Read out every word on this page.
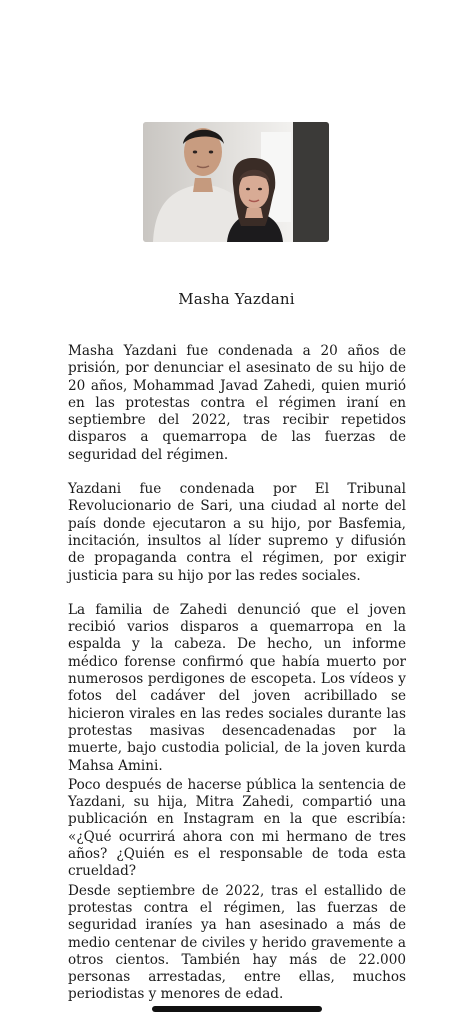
Masha Yazdani

Masha Yazdani fue condenada a 20 años de prisión, por denunciar el asesinato de su hijo de 20 años, Mohammad Javad Zahedi, quien murió en las protestas contra el régimen iraní en septiembre del 2022, tras recibir repetidos disparos a quemarropa de las fuerzas de seguridad del régimen.

Yazdani fue condenada por El Tribunal Revolucionario de Sari, una ciudad al norte del país donde ejecutaron a su hijo, por Basfemia, incitación, insultos al líder supremo y difusión de propaganda contra el régimen, por exigir justicia para su hijo por las redes sociales.

La familia de Zahedi denunció que el joven recibió varios disparos a quemarropa en la espalda y la cabeza. De hecho, un informe médico forense confirmó que había muerto por numerosos perdigones de escopeta. Los vídeos y fotos del cadáver del joven acribillado se hicieron virales en las redes sociales durante las protestas masivas desencadenadas por la muerte, bajo custodia policial, de la joven kurda Mahsa Amini.

Poco después de hacerse pública la sentencia de Yazdani, su hija, Mitra Zahedi, compartió una publicación en Instagram en la que escribía: «¿Qué ocurrirá ahora con mi hermano de tres años? ¿Quién es el responsable de toda esta crueldad?

Desde septiembre de 2022, tras el estallido de protestas contra el régimen, las fuerzas de seguridad iraníes ya han asesinado a más de medio centenar de civiles y herido gravemente a otros cientos. También hay más de 22.000 personas arrestadas, entre ellas, muchos periodistas y menores de edad.
